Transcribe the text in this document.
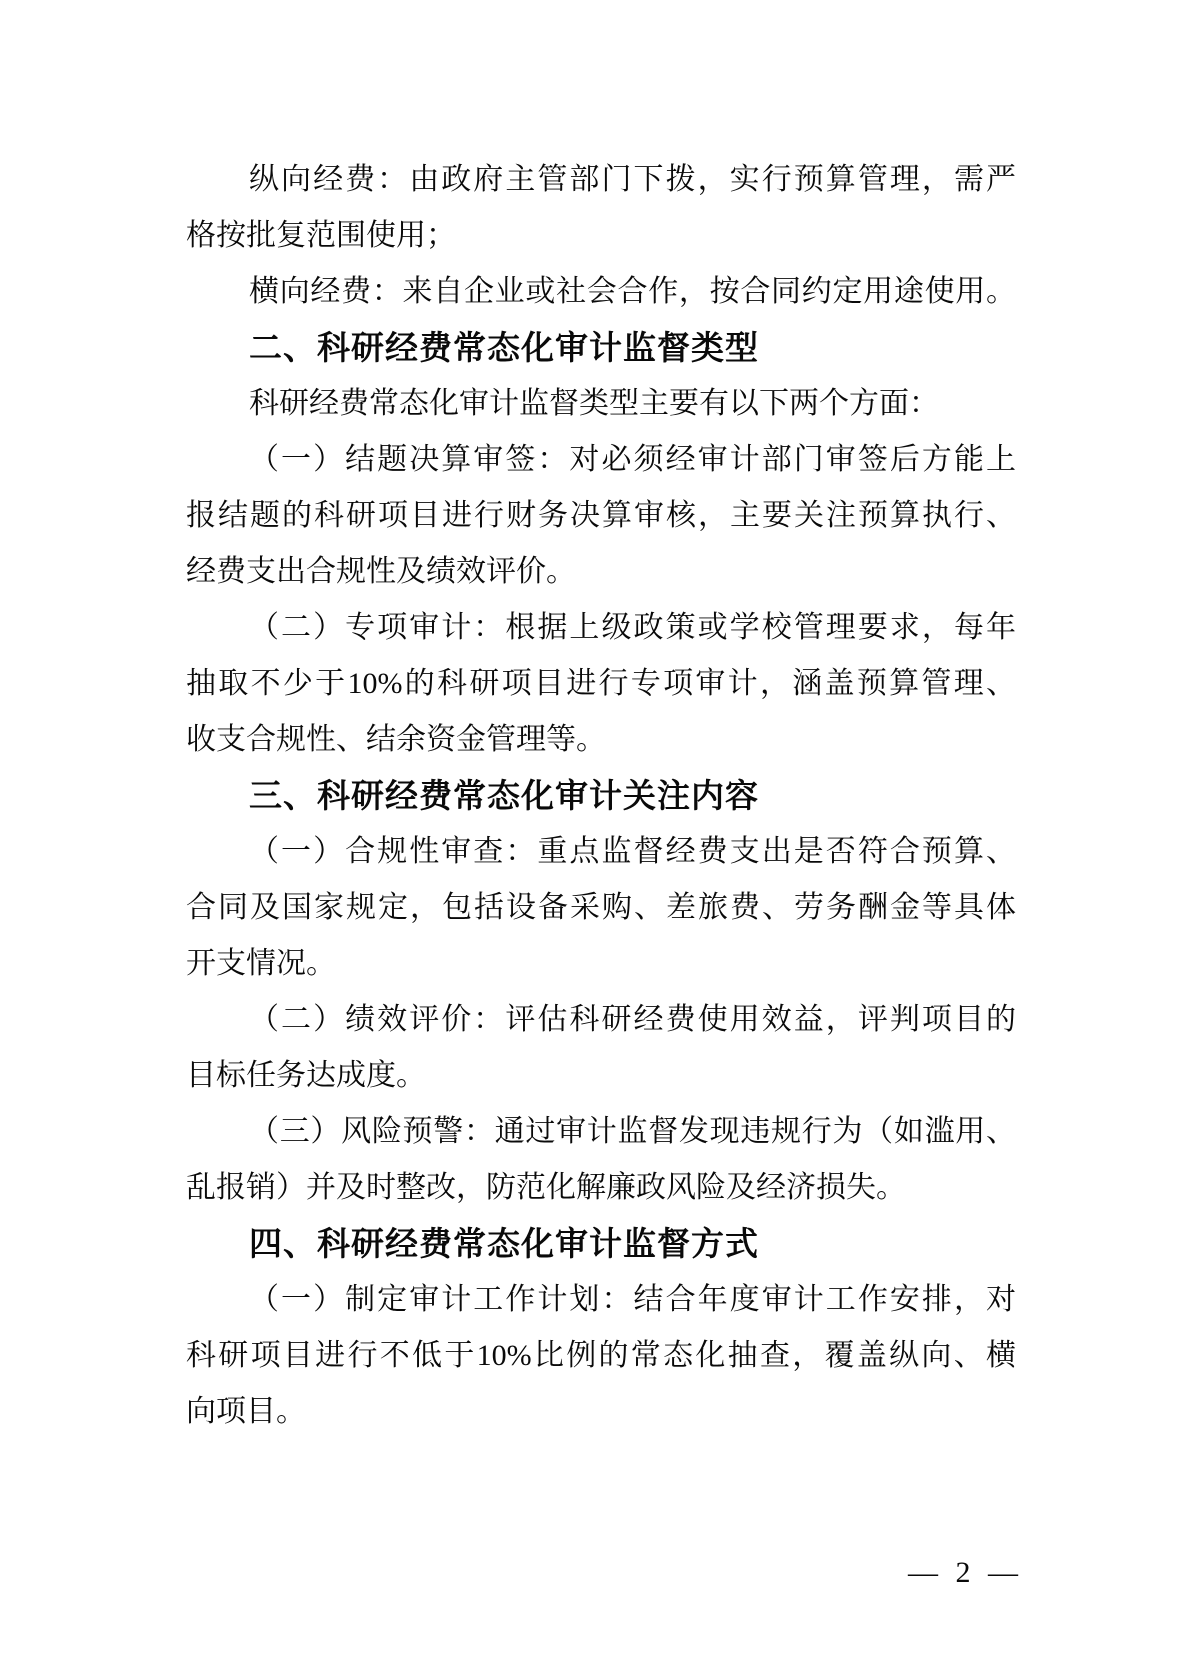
纵向经费：由政府主管部门下拨，实行预算管理，需严
格按批复范围使用；
横向经费：来自企业或社会合作，按合同约定用途使用。
二、科研经费常态化审计监督类型
科研经费常态化审计监督类型主要有以下两个方面：
（一）结题决算审签：对必须经审计部门审签后方能上
报结题的科研项目进行财务决算审核，主要关注预算执行、
经费支出合规性及绩效评价。
（二）专项审计：根据上级政策或学校管理要求，每年
抽取不少于10%的科研项目进行专项审计，涵盖预算管理、
收支合规性、结余资金管理等。
三、科研经费常态化审计关注内容
（一）合规性审查：重点监督经费支出是否符合预算、
合同及国家规定，包括设备采购、差旅费、劳务酬金等具体
开支情况。
（二）绩效评价：评估科研经费使用效益，评判项目的
目标任务达成度。
（三）风险预警：通过审计监督发现违规行为（如滥用、
乱报销）并及时整改，防范化解廉政风险及经济损失。
四、科研经费常态化审计监督方式
（一）制定审计工作计划：结合年度审计工作安排，对
科研项目进行不低于10%比例的常态化抽查，覆盖纵向、横
向项目。
— 2 —
